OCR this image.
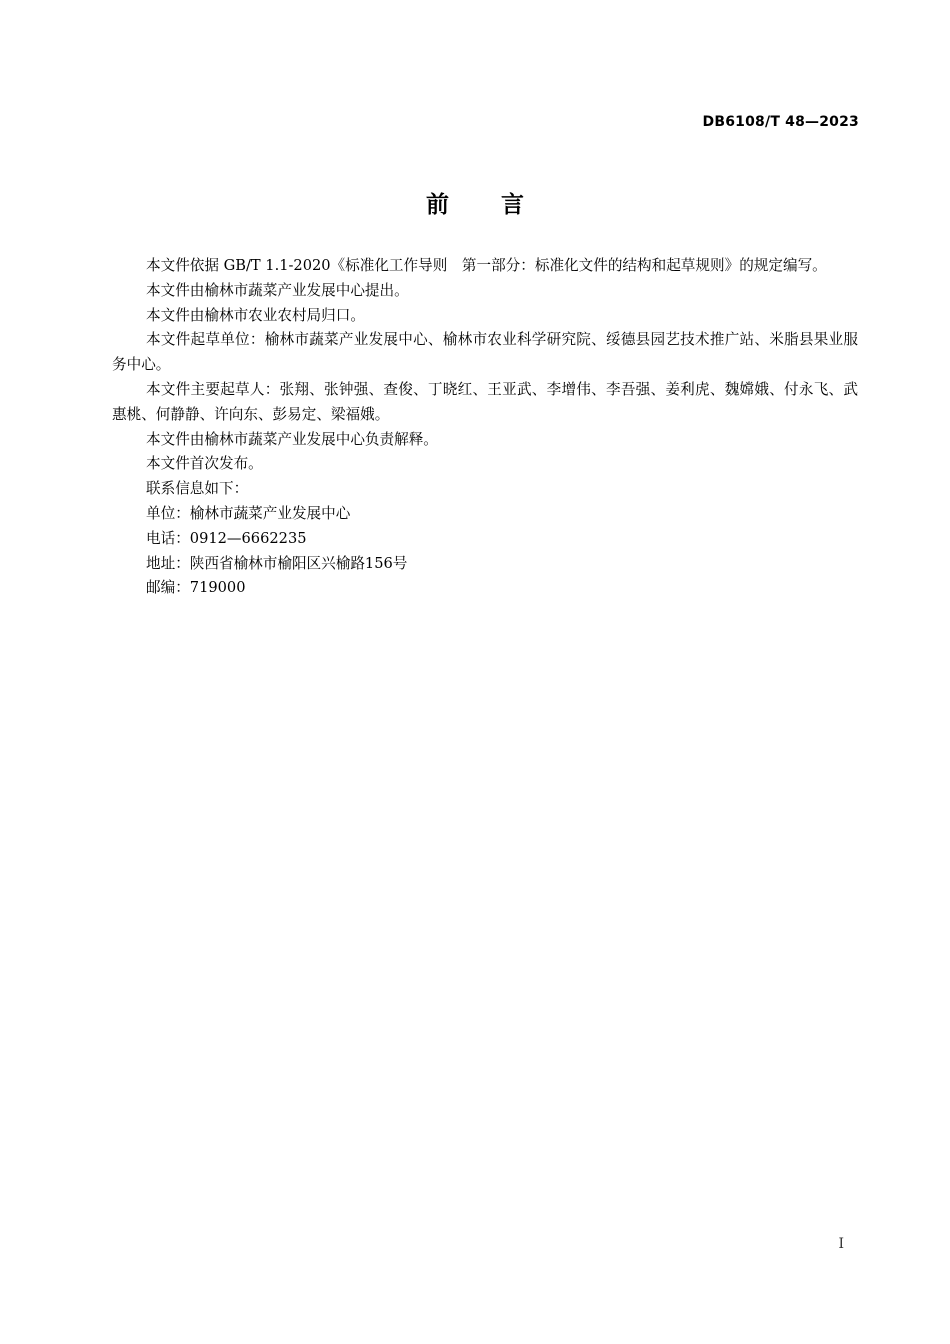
DB6108/T 48—2023
前言

本文件依据 GB/T 1.1-2020《标准化工作导则　第一部分：标准化文件的结构和起草规则》的规定编写。

本文件由榆林市蔬菜产业发展中心提出。

本文件由榆林市农业农村局归口。

本文件起草单位：榆林市蔬菜产业发展中心、榆林市农业科学研究院、绥德县园艺技术推广站、米脂县果业服务中心。

本文件主要起草人：张翔、张钟强、查俊、丁晓红、王亚武、李增伟、李吾强、姜利虎、魏嫦娥、付永飞、武惠桃、何静静、许向东、彭易定、梁福娥。

本文件由榆林市蔬菜产业发展中心负责解释。

本文件首次发布。

联系信息如下：

单位：榆林市蔬菜产业发展中心

电话：0912—6662235

地址：陕西省榆林市榆阳区兴榆路156号

邮编：719000

I
